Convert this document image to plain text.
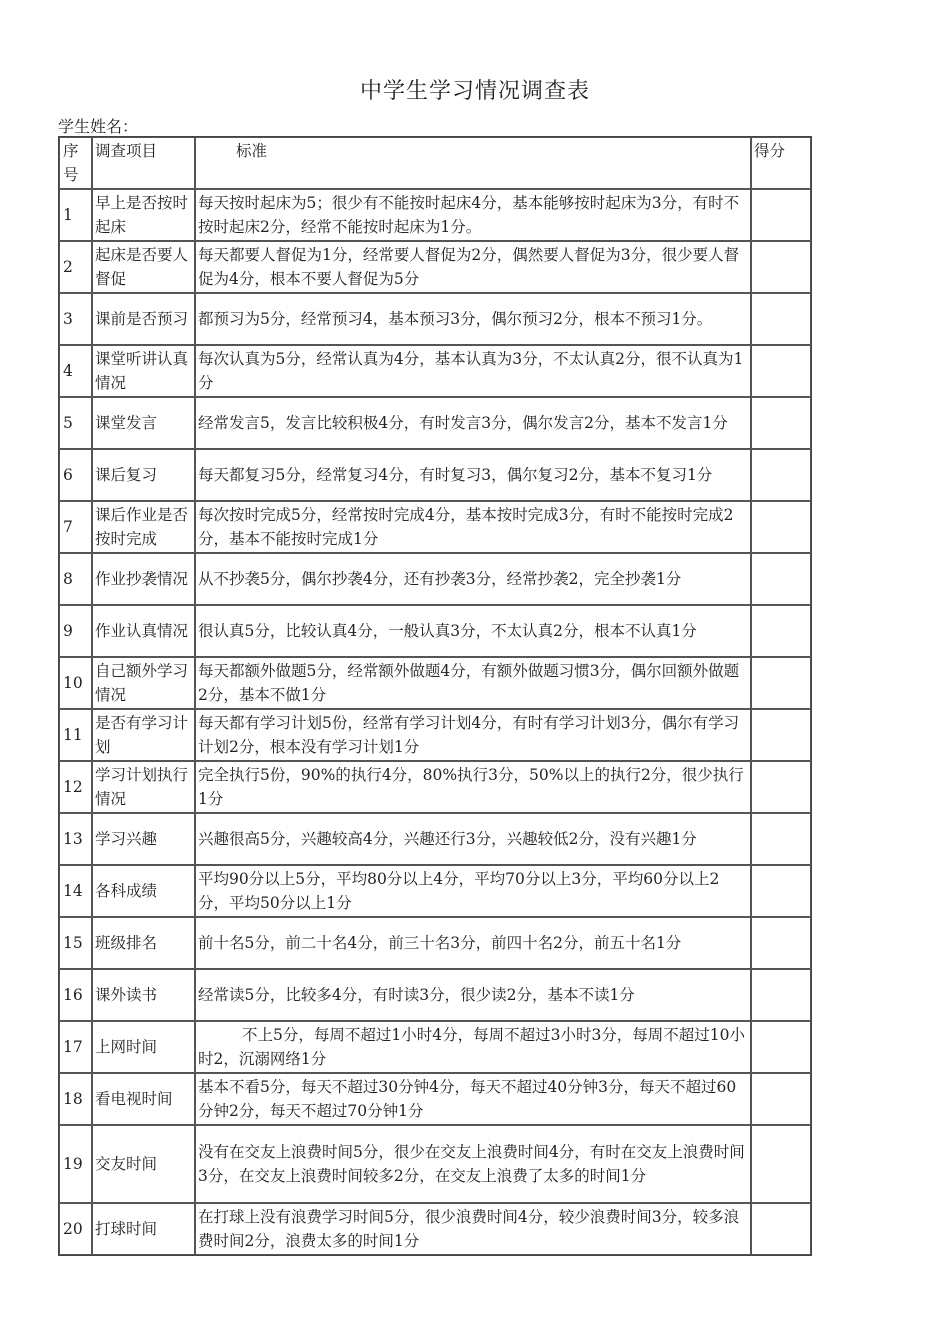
中学生学习情况调查表
学生姓名：
序号	调查项目	标准	得分
1	早上是否按时起床	每天按时起床为5；很少有不能按时起床4分，基本能够按时起床为3分，有时不按时起床2分，经常不能按时起床为1分。	
2	起床是否要人督促	每天都要人督促为1分，经常要人督促为2分，偶然要人督促为3分，很少要人督促为4分，根本不要人督促为5分	
3	课前是否预习	都预习为5分，经常预习4，基本预习3分，偶尔预习2分，根本不预习1分。	
4	课堂听讲认真情况	每次认真为5分，经常认真为4分，基本认真为3分，不太认真2分，很不认真为1分	
5	课堂发言	经常发言5，发言比较积极4分，有时发言3分，偶尔发言2分，基本不发言1分	
6	课后复习	每天都复习5分，经常复习4分，有时复习3，偶尔复习2分，基本不复习1分	
7	课后作业是否按时完成	每次按时完成5分，经常按时完成4分，基本按时完成3分，有时不能按时完成2分，基本不能按时完成1分	
8	作业抄袭情况	从不抄袭5分，偶尔抄袭4分，还有抄袭3分，经常抄袭2，完全抄袭1分	
9	作业认真情况	很认真5分，比较认真4分，一般认真3分，不太认真2分，根本不认真1分	
10	自己额外学习情况	每天都额外做题5分，经常额外做题4分，有额外做题习惯3分，偶尔回额外做题2分，基本不做1分	
11	是否有学习计划	每天都有学习计划5份，经常有学习计划4分，有时有学习计划3分，偶尔有学习计划2分，根本没有学习计划1分	
12	学习计划执行情况	完全执行5份，90%的执行4分，80%执行3分，50%以上的执行2分，很少执行1分	
13	学习兴趣	兴趣很高5分，兴趣较高4分，兴趣还行3分，兴趣较低2分，没有兴趣1分	
14	各科成绩	平均90分以上5分，平均80分以上4分，平均70分以上3分，平均60分以上2分，平均50分以上1分	
15	班级排名	前十名5分，前二十名4分，前三十名3分，前四十名2分，前五十名1分	
16	课外读书	经常读5分，比较多4分，有时读3分，很少读2分，基本不读1分	
17	上网时间	不上5分，每周不超过1小时4分，每周不超过3小时3分，每周不超过10小时2，沉溺网络1分	
18	看电视时间	基本不看5分，每天不超过30分钟4分，每天不超过40分钟3分，每天不超过60分钟2分，每天不超过70分钟1分	
19	交友时间	没有在交友上浪费时间5分，很少在交友上浪费时间4分，有时在交友上浪费时间3分，在交友上浪费时间较多2分，在交友上浪费了太多的时间1分	
20	打球时间	在打球上没有浪费学习时间5分，很少浪费时间4分，较少浪费时间3分，较多浪费时间2分，浪费太多的时间1分	
